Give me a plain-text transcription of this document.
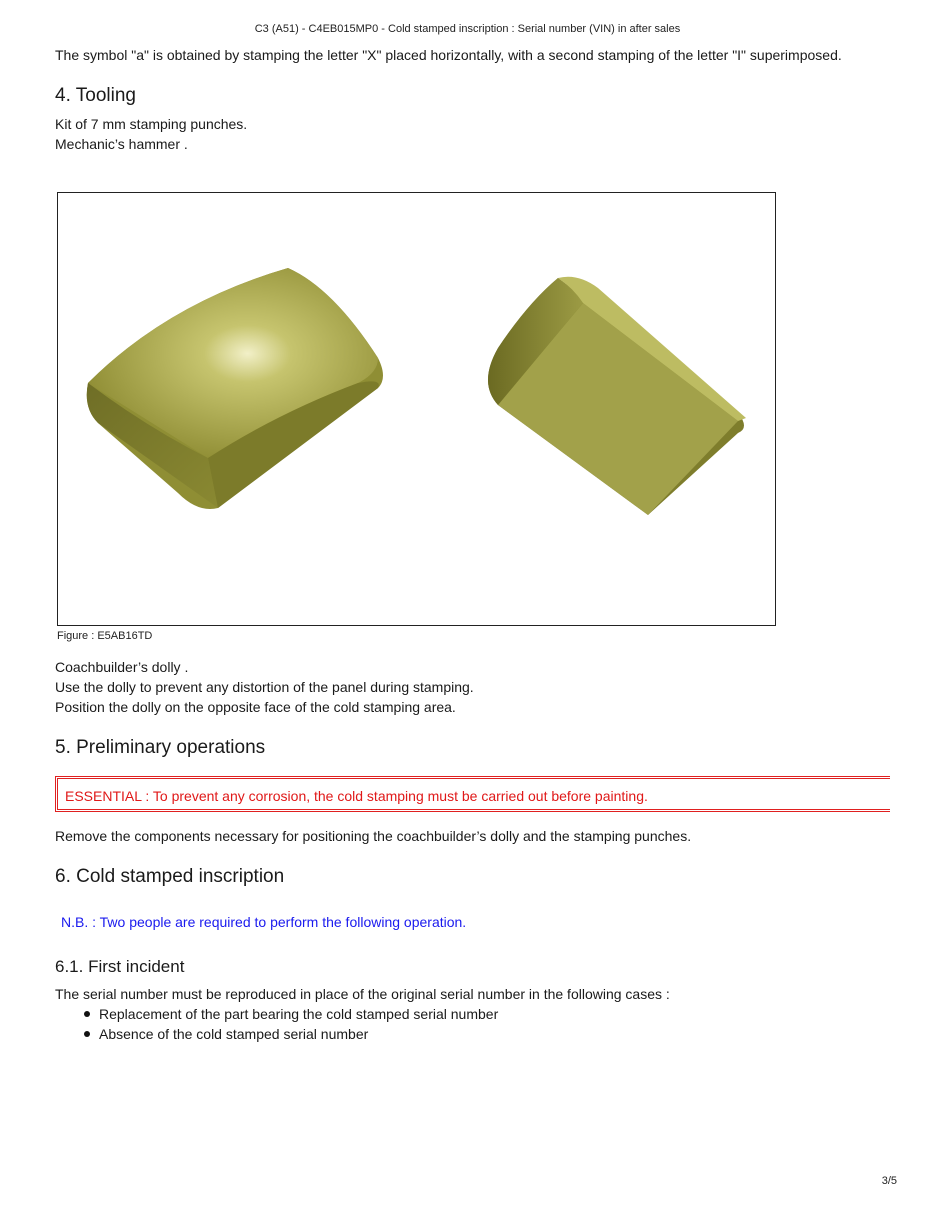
C3 (A51) - C4EB015MP0 - Cold stamped inscription : Serial number (VIN) in after sales

The symbol "a" is obtained by stamping the letter "X" placed horizontally, with a second stamping of the letter "I" superimposed.

4. Tooling

Kit of 7 mm stamping punches.

Mechanic’s hammer .

Figure : E5AB16TD

Coachbuilder’s dolly .

Use the dolly to prevent any distortion of the panel during stamping.

Position the dolly on the opposite face of the cold stamping area.

5. Preliminary operations
ESSENTIAL : To prevent any corrosion, the cold stamping must be carried out before painting.

Remove the components necessary for positioning the coachbuilder’s dolly and the stamping punches.

6. Cold stamped inscription

N.B. : Two people are required to perform the following operation.

6.1. First incident

The serial number must be reproduced in place of the original serial number in the following cases :

Replacement of the part bearing the cold stamped serial number
Absence of the cold stamped serial number
3/5
